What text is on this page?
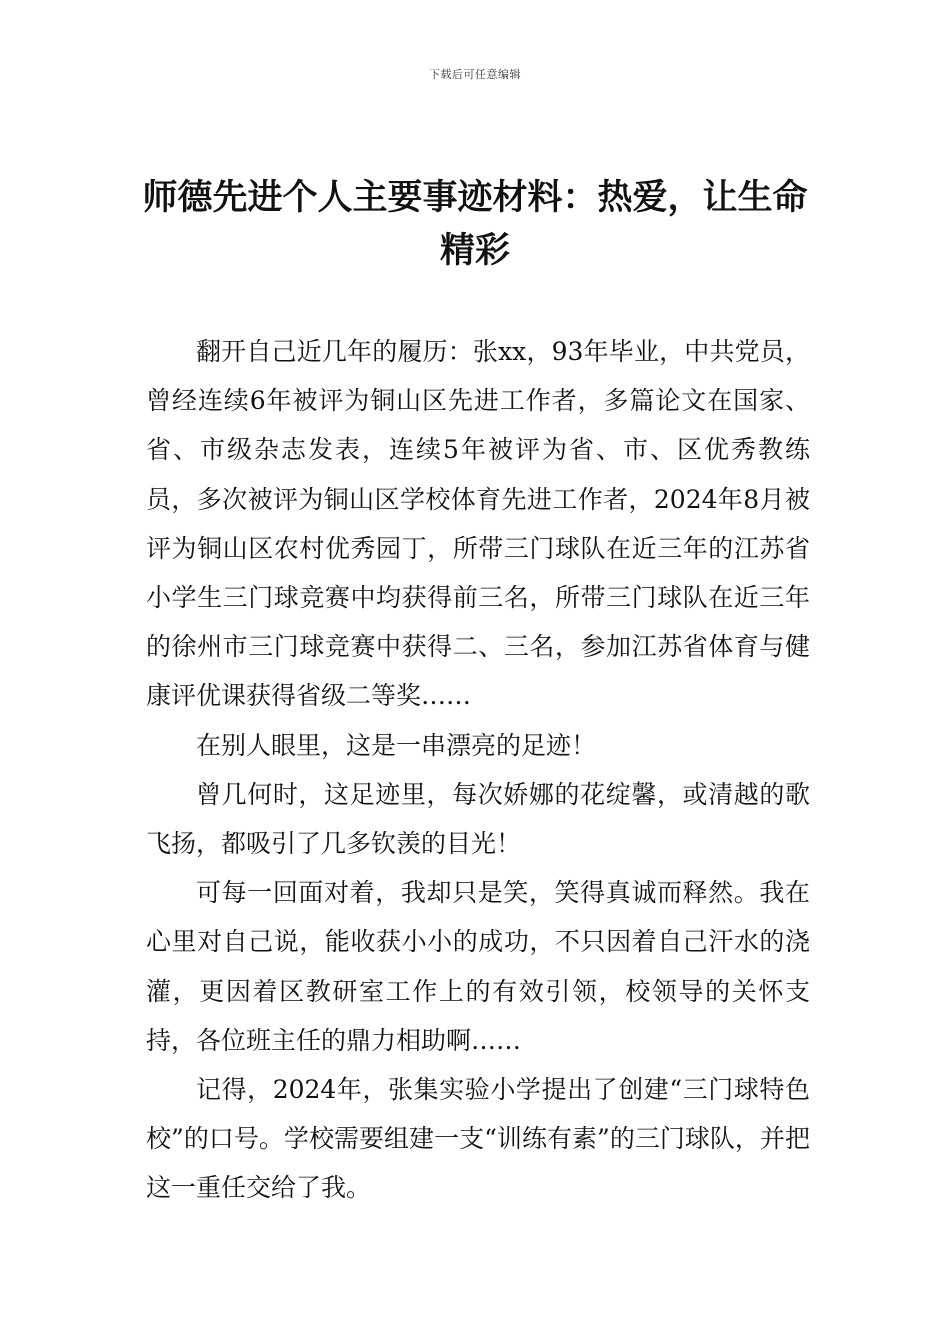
下载后可任意编辑
师德先进个人主要事迹材料：热爱，让生命精彩

翻开自己近几年的履历：张xx，93年毕业，中共党员，曾经连续6年被评为铜山区先进工作者，多篇论文在国家、省、市级杂志发表，连续5年被评为省、市、区优秀教练员，多次被评为铜山区学校体育先进工作者，2024年8月被评为铜山区农村优秀园丁，所带三门球队在近三年的江苏省小学生三门球竞赛中均获得前三名，所带三门球队在近三年的徐州市三门球竞赛中获得二、三名，参加江苏省体育与健康评优课获得省级二等奖……

在别人眼里，这是一串漂亮的足迹！

曾几何时，这足迹里，每次娇娜的花绽馨，或清越的歌飞扬，都吸引了几多钦羡的目光！

可每一回面对着，我却只是笑，笑得真诚而释然。我在心里对自己说，能收获小小的成功，不只因着自己汗水的浇灌，更因着区教研室工作上的有效引领，校领导的关怀支持，各位班主任的鼎力相助啊……

记得，2024年，张集实验小学提出了创建“三门球特色校”的口号。学校需要组建一支“训练有素”的三门球队，并把这一重任交给了我。
